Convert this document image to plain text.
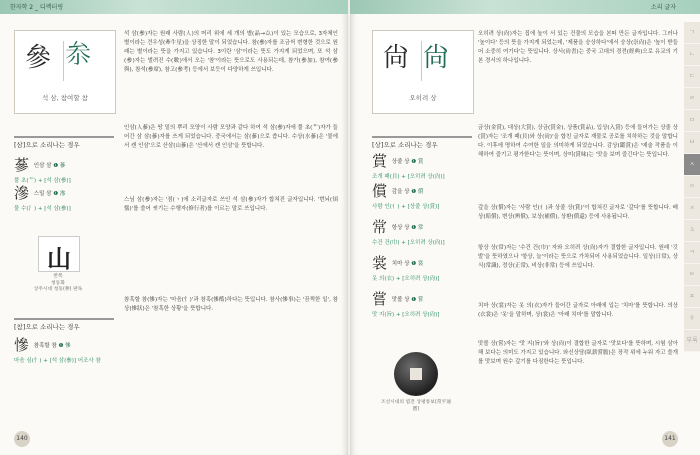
한자학 2 _ 디렉터링
參 𠫭
석 삼, 참여할 참
석 삼(參)자는 원래 사람(人)의 머리 위에 세 개의 별(晶→厽)이 있는 모습으로, 3자체인 별이라는 견우성(牽牛星)을 상징한 말이 되었습니다. 참(參)자를 조금씩 변형한 것으로 원래는 별이라는 뜻을 가지고 있습니다. 3이란 '삼'이라는 뜻도 가지게 되었으며, 또 석 삼(參)자는 벌려진 수(數)에서 오는 '참'이라는 뜻으로도 사용되는데, 참가(參加), 참여(參與), 참석(參席), 참고(參考) 등에서 보듯이 다양하게 쓰입니다.
인삼(人蔘)은 땅 밑의 뿌리 모양이 사람 모양과 같다 하여 석 삼(參)자에 풀 초(艹)자가 들어간 삼 삼(蔘)자를 쓰게 되었습니다. 중국에서는 삼(蔘)으로 씁니다. 수상(水蔘)은 '물에서 캔 인삼'으로 산삼(山蔘)은 '산에서 캔 인삼'을 뜻합니다.
스님 삼(參)자는 '점(丶)에 소리글자로 쓰인 석 삼(參)자가 합쳐진 글자입니다. '번뇌(煩惱)'를 쓸어 씻기는 수행자(修行者)를 이르는 말로 쓰입니다.
참혹할 참(慘)자는 '마음(忄)'과 참혹(慘酷)하다는 뜻입니다. 참사(慘事)는 '끔찍한 일', 참상(慘狀)은 '참혹한 상황'을 뜻합니다.
[삼]으로 소리나는 경우
蔘 인삼 삼 ❶ 蔘
풀 초(艹) + [석 삼(參)]
滲 스밀 삼 ❶ 滲
물 수(氵) + [석 삼(參)]
山
반쪽
청동화
상주시대 청동(參) 판독
[참]으로 소리나는 경우
慘 참혹할 참 ❶ 慘
마음 심(忄) + [석 삼(參)] 어조사 참
140
소리 글자
尙 尙
오히려 상
오히려 상(尙)자는 집에 높이 서 있는 건물의 모습을 본떠 만든 글자입니다. 그러나 '높이다' 등의 뜻을 가지게 되었는데, '제품을 숭상하다'에서 숭상(崇尙)은 '높이 받들어 소중히 여기다'는 뜻입니다. 상서(尙書)는 중국 고대의 경전(經典)으로 유교의 기본 경서의 하나입니다.
금상(金賞), 대상(大賞), 상금(賞金), 상품(賞品), 입상(入賞) 등에 들어가는 상줄 상(賞)자는 '조개 패(貝)와 상(尙)'을 합친 글자로 재물로 공로를 치하하는 것을 말합니다. 이후에 명하여 수여한 일을 의미하게 되었습니다. 감상(鑑賞)은 '예술 작품을 이해하여 즐기고 평가한다'는 뜻이며, 상미(賞味)는 '맛을 보며 즐긴다'는 뜻입니다.
갚을 상(償)자는 '사람 인(亻)과 상줄 상(賞)'이 합쳐진 글자로 '갚다'를 뜻합니다. 배상(賠償), 변상(辨償), 보상(補償), 상환(償還) 등에 사용됩니다.
항상 상(常)자는 '수건 건(巾)' 자와 오히려 상(尙)자가 결합한 글자입니다. 원래 '깃발'을 뜻하였으나 '항상, 늘'이라는 뜻으로 가차되어 사용되었습니다. 일상(日常), 상식(常識), 정상(正常), 비상(非常) 등에 쓰입니다.
치마 상(裳)자는 옷 의(衣)자가 들어간 글자로 아래에 입는 '치마'를 뜻합니다. 의상(衣裳)은 '옷'을 말하며, 상(裳)은 '아래 치마'를 말합니다.
맛볼 상(嘗)자는 '맛 지(旨)'와 상(尙)이 결합한 글자로 '맛보다'를 뜻하며, 시험 삼아 해 보다는 의미도 가지고 있습니다. 와신상담(臥薪嘗膽)은 장작 위에 누워 자고 쓸개를 맛보며 원수 갚기를 다짐한다는 뜻입니다.
[상]으로 소리나는 경우
賞 상줄 상 ❶ 賞
조개 패(貝) + [오히려 상(尙)]
償 갚을 상 ❶ 償
사람 인(亻) + [상줄 상(賞)]
常 항상 상 ❶ 常
수건 건(巾) + [오히려 상(尙)]
裳 치마 상 ❶ 裳
옷 의(衣) + [오히려 상(尙)]
嘗 맛볼 상 ❶ 嘗
맛 지(旨) + [오히려 상(尙)]
조선시대의 엽전 상평통보(常平通寶)
ㄱ
ㄴ
ㄷ
ㄹ
ㅁ
ㅂ
ㅅ
ㅇ
ㅈ
ㅊ
ㅋ
ㅌ
ㅍ
ㅎ
부록
141
